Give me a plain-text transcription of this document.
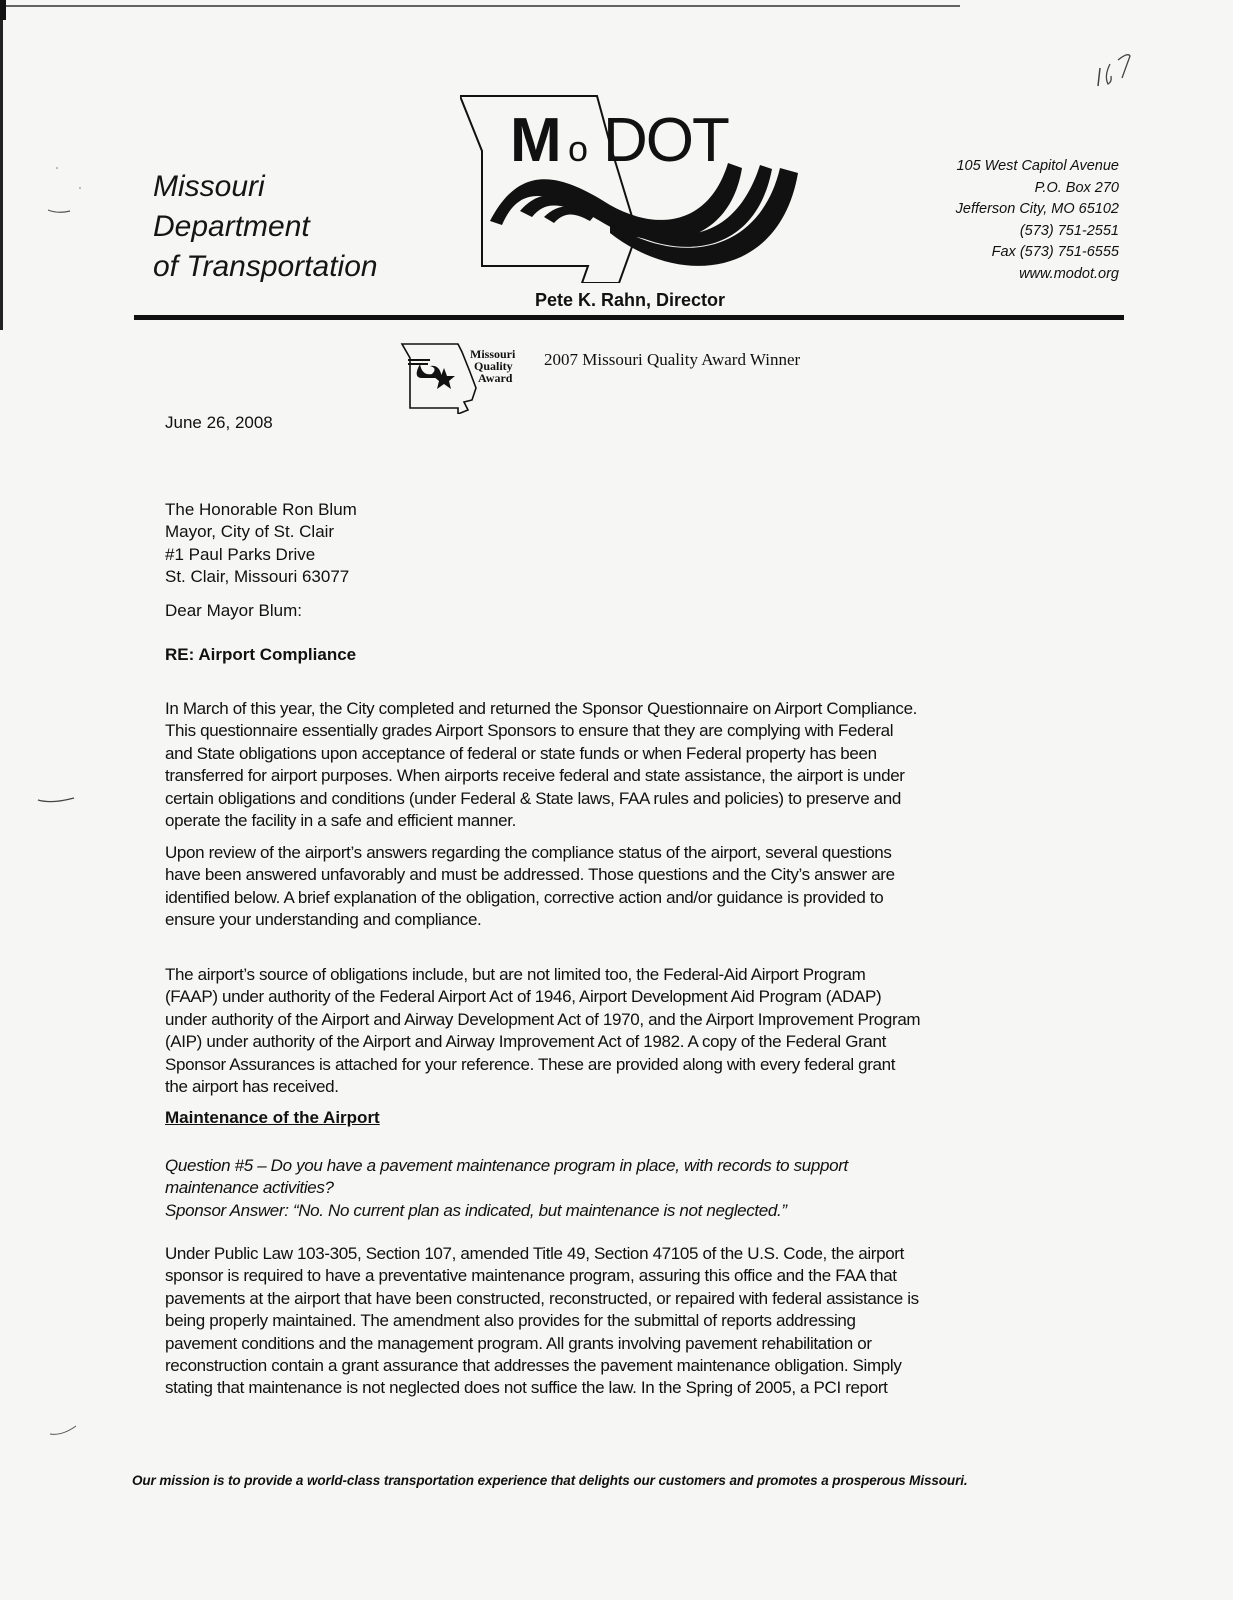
Missouri
Department
of Transportation
M o DOT
Pete K. Rahn, Director
105 West Capitol Avenue
P.O. Box 270
Jefferson City, MO 65102
(573) 751-2551
Fax (573) 751-6555
www.modot.org
Missouri
Quality
Award
2007 Missouri Quality Award Winner
June 26, 2008
The Honorable Ron Blum
Mayor, City of St. Clair
#1 Paul Parks Drive
St. Clair, Missouri 63077
Dear Mayor Blum:
RE: Airport Compliance
In March of this year, the City completed and returned the Sponsor Questionnaire on Airport Compliance.
This questionnaire essentially grades Airport Sponsors to ensure that they are complying with Federal
and State obligations upon acceptance of federal or state funds or when Federal property has been
transferred for airport purposes. When airports receive federal and state assistance, the airport is under
certain obligations and conditions (under Federal & State laws, FAA rules and policies) to preserve and
operate the facility in a safe and efficient manner.
Upon review of the airport’s answers regarding the compliance status of the airport, several questions
have been answered unfavorably and must be addressed. Those questions and the City’s answer are
identified below. A brief explanation of the obligation, corrective action and/or guidance is provided to
ensure your understanding and compliance.
The airport’s source of obligations include, but are not limited too, the Federal-Aid Airport Program
(FAAP) under authority of the Federal Airport Act of 1946, Airport Development Aid Program (ADAP)
under authority of the Airport and Airway Development Act of 1970, and the Airport Improvement Program
(AIP) under authority of the Airport and Airway Improvement Act of 1982. A copy of the Federal Grant
Sponsor Assurances is attached for your reference. These are provided along with every federal grant
the airport has received.
Maintenance of the Airport
Question #5 – Do you have a pavement maintenance program in place, with records to support
maintenance activities?
Sponsor Answer: “No. No current plan as indicated, but maintenance is not neglected.”
Under Public Law 103-305, Section 107, amended Title 49, Section 47105 of the U.S. Code, the airport
sponsor is required to have a preventative maintenance program, assuring this office and the FAA that
pavements at the airport that have been constructed, reconstructed, or repaired with federal assistance is
being properly maintained. The amendment also provides for the submittal of reports addressing
pavement conditions and the management program. All grants involving pavement rehabilitation or
reconstruction contain a grant assurance that addresses the pavement maintenance obligation. Simply
stating that maintenance is not neglected does not suffice the law. In the Spring of 2005, a PCI report
Our mission is to provide a world-class transportation experience that delights our customers and promotes a prosperous Missouri.
